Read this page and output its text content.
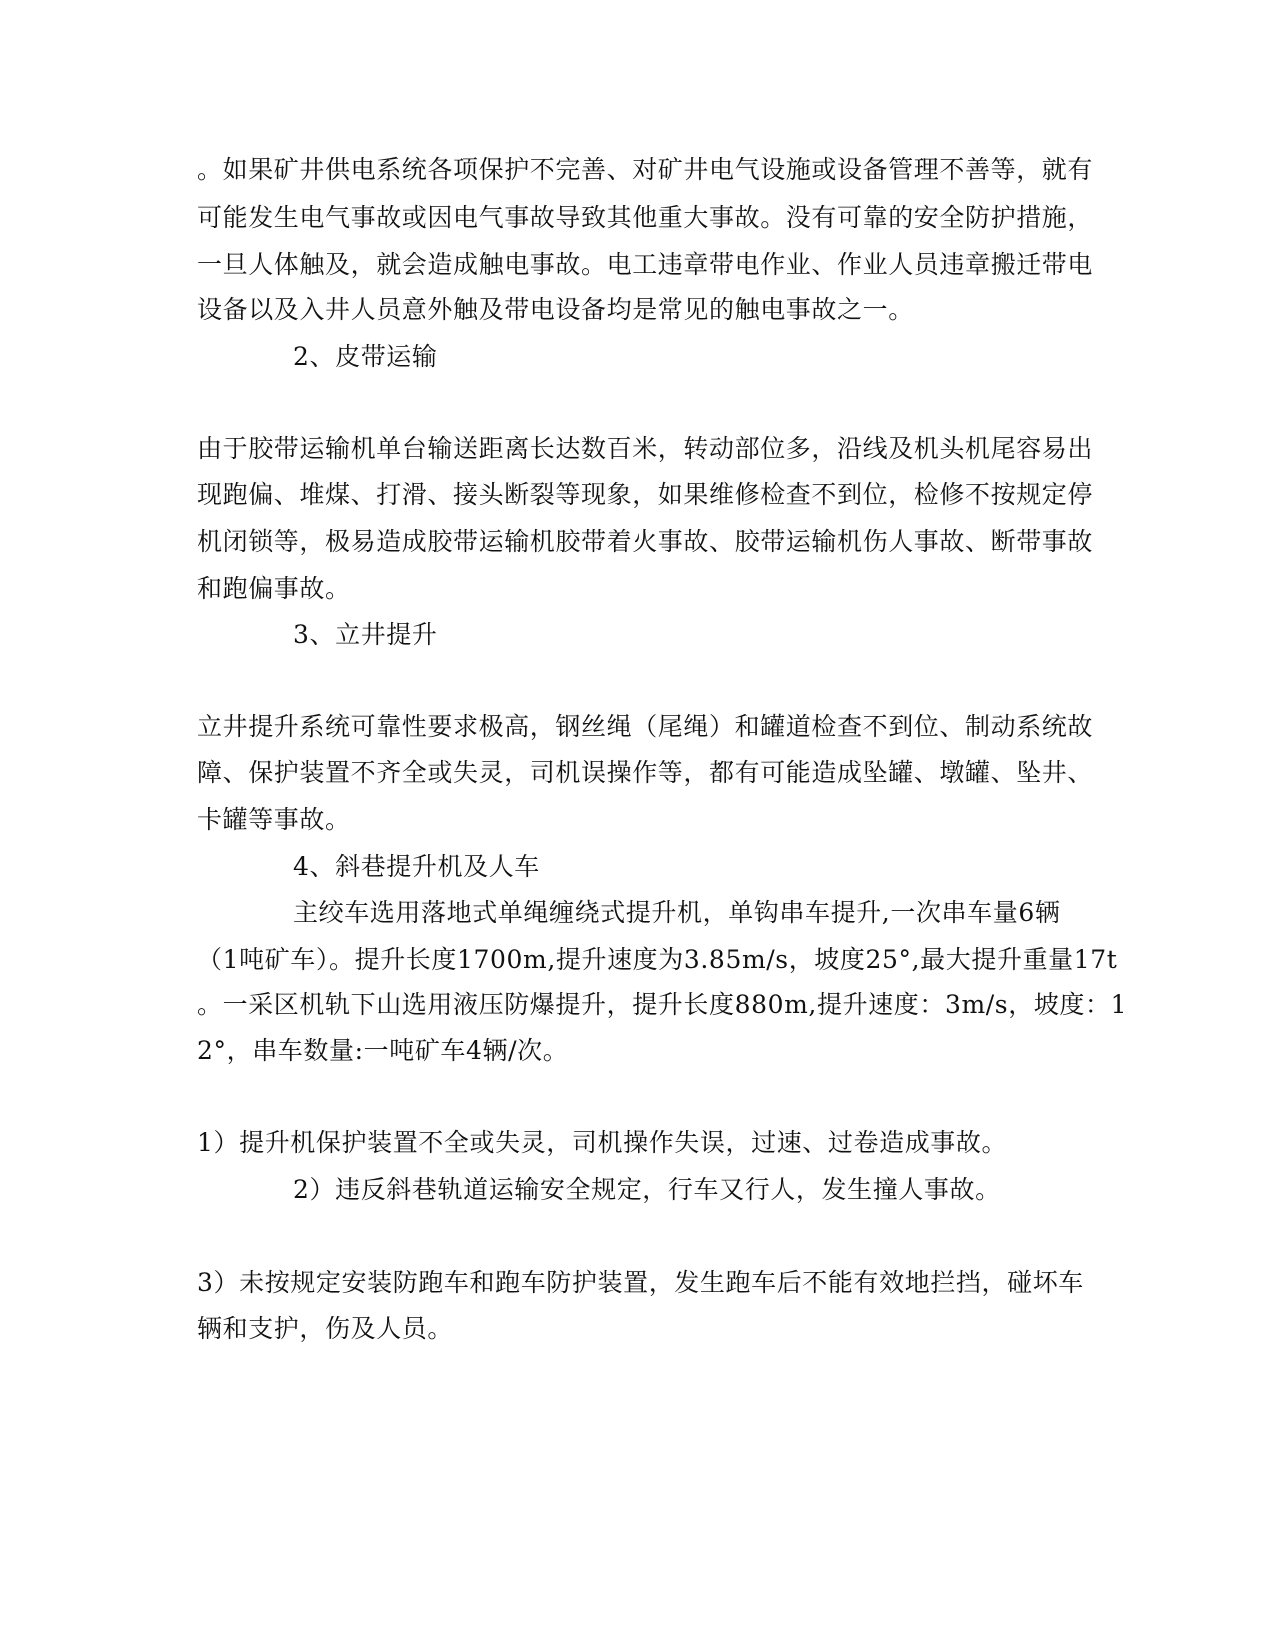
。如果矿井供电系统各项保护不完善、对矿井电气设施或设备管理不善等，就有

可能发生电气事故或因电气事故导致其他重大事故。没有可靠的安全防护措施，

一旦人体触及，就会造成触电事故。电工违章带电作业、作业人员违章搬迁带电

设备以及入井人员意外触及带电设备均是常见的触电事故之一。

2、皮带运输

由于胶带运输机单台输送距离长达数百米，转动部位多，沿线及机头机尾容易出

现跑偏、堆煤、打滑、接头断裂等现象，如果维修检查不到位，检修不按规定停

机闭锁等，极易造成胶带运输机胶带着火事故、胶带运输机伤人事故、断带事故

和跑偏事故。

3、立井提升

立井提升系统可靠性要求极高，钢丝绳（尾绳）和罐道检查不到位、制动系统故

障、保护装置不齐全或失灵，司机误操作等，都有可能造成坠罐、墩罐、坠井、

卡罐等事故。

4、斜巷提升机及人车

主绞车选用落地式单绳缠绕式提升机，单钩串车提升,一次串车量6辆

（1吨矿车）。提升长度1700m,提升速度为3.85m/s，坡度25°,最大提升重量17t

。一采区机轨下山选用液压防爆提升，提升长度880m,提升速度：3m/s，坡度：1

2°，串车数量:一吨矿车4辆/次。

1）提升机保护装置不全或失灵，司机操作失误，过速、过卷造成事故。

2）违反斜巷轨道运输安全规定，行车又行人，发生撞人事故。

3）未按规定安装防跑车和跑车防护装置，发生跑车后不能有效地拦挡，碰坏车

辆和支护，伤及人员。
